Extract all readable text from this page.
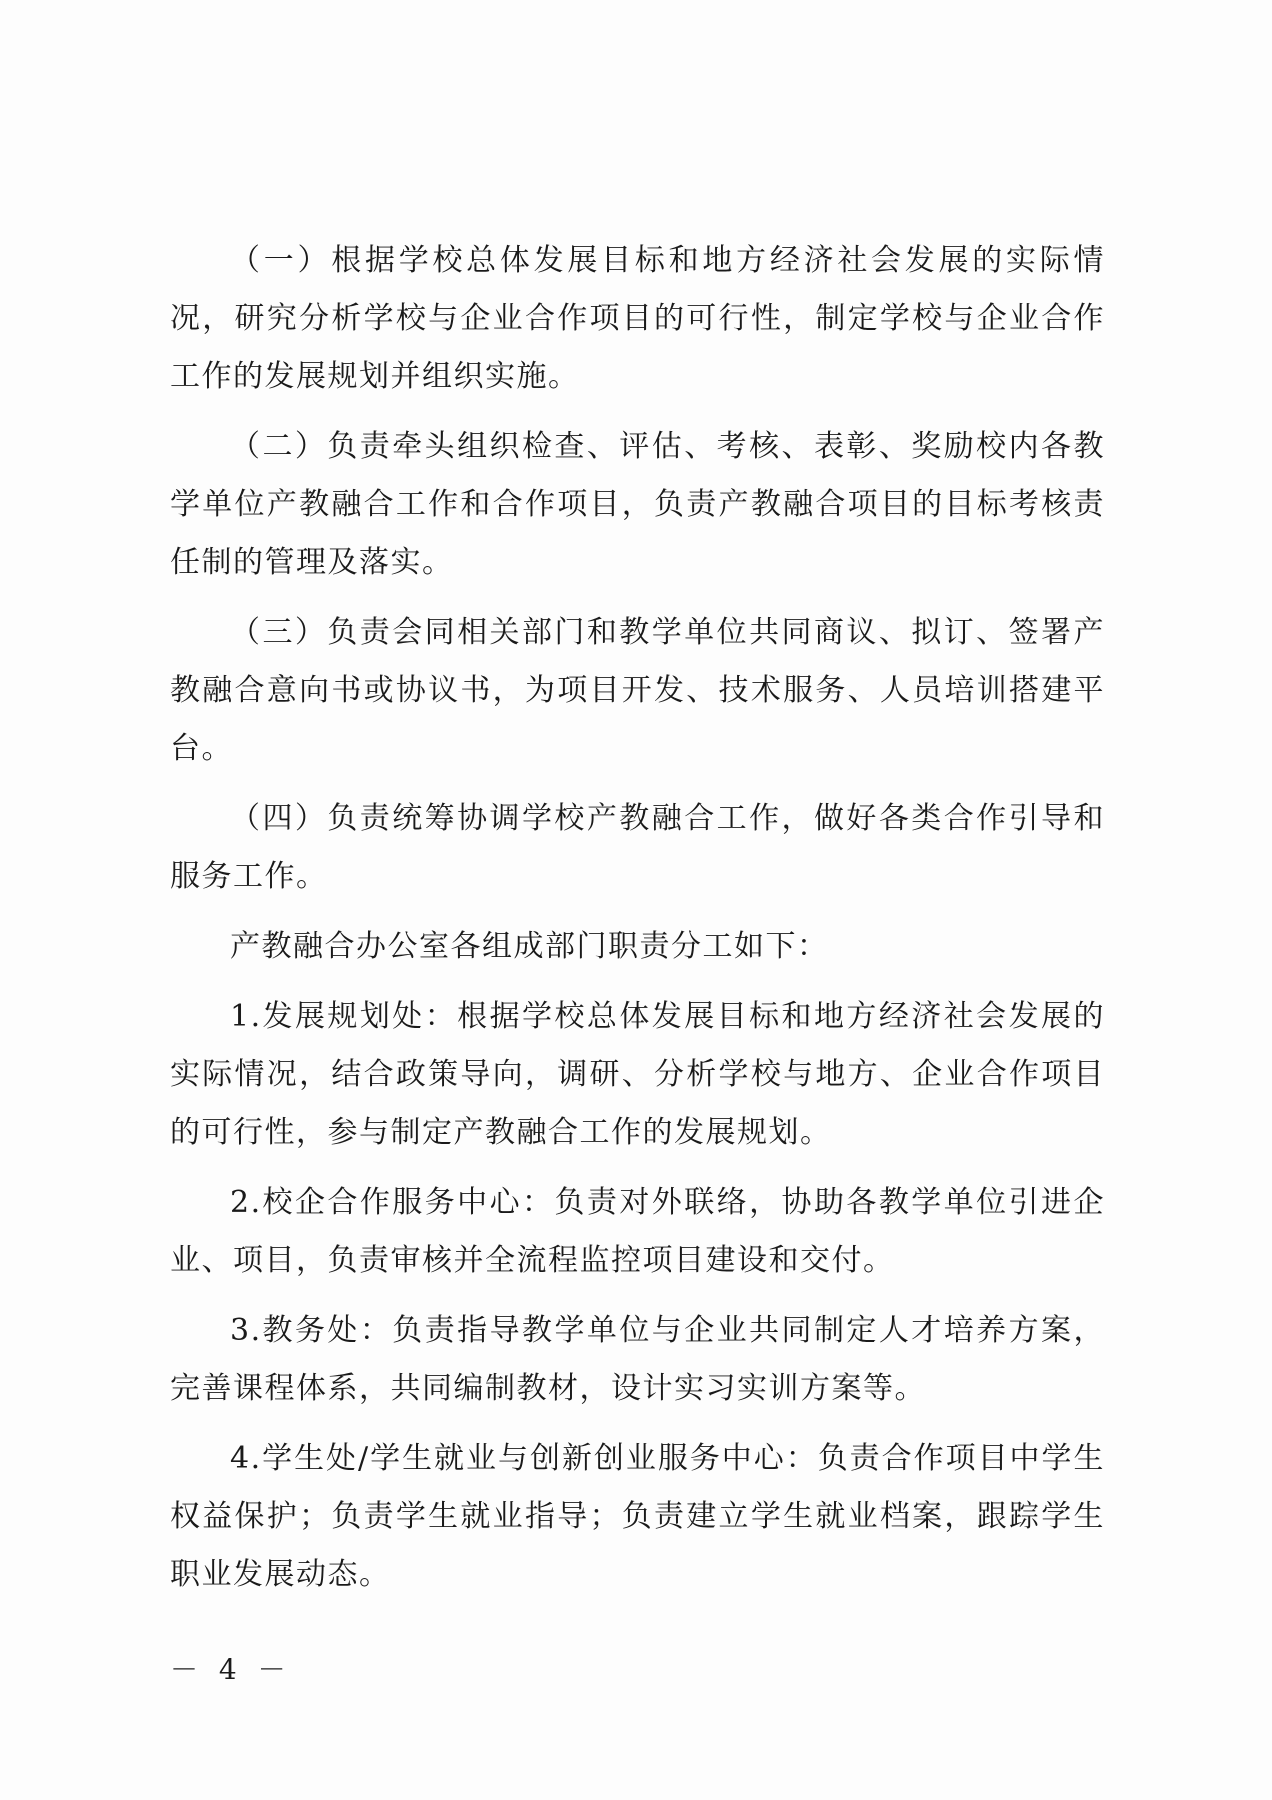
（一）根据学校总体发展目标和地方经济社会发展的实际情况，研究分析学校与企业合作项目的可行性，制定学校与企业合作工作的发展规划并组织实施。

（二）负责牵头组织检查、评估、考核、表彰、奖励校内各教学单位产教融合工作和合作项目，负责产教融合项目的目标考核责任制的管理及落实。

（三）负责会同相关部门和教学单位共同商议、拟订、签署产教融合意向书或协议书，为项目开发、技术服务、人员培训搭建平台。

（四）负责统筹协调学校产教融合工作，做好各类合作引导和服务工作。

产教融合办公室各组成部门职责分工如下：

1.发展规划处：根据学校总体发展目标和地方经济社会发展的实际情况，结合政策导向，调研、分析学校与地方、企业合作项目的可行性，参与制定产教融合工作的发展规划。

2.校企合作服务中心：负责对外联络，协助各教学单位引进企业、项目，负责审核并全流程监控项目建设和交付。

3.教务处：负责指导教学单位与企业共同制定人才培养方案，完善课程体系，共同编制教材，设计实习实训方案等。

4.学生处/学生就业与创新创业服务中心：负责合作项目中学生权益保护；负责学生就业指导；负责建立学生就业档案，跟踪学生职业发展动态。

－ 4 －
